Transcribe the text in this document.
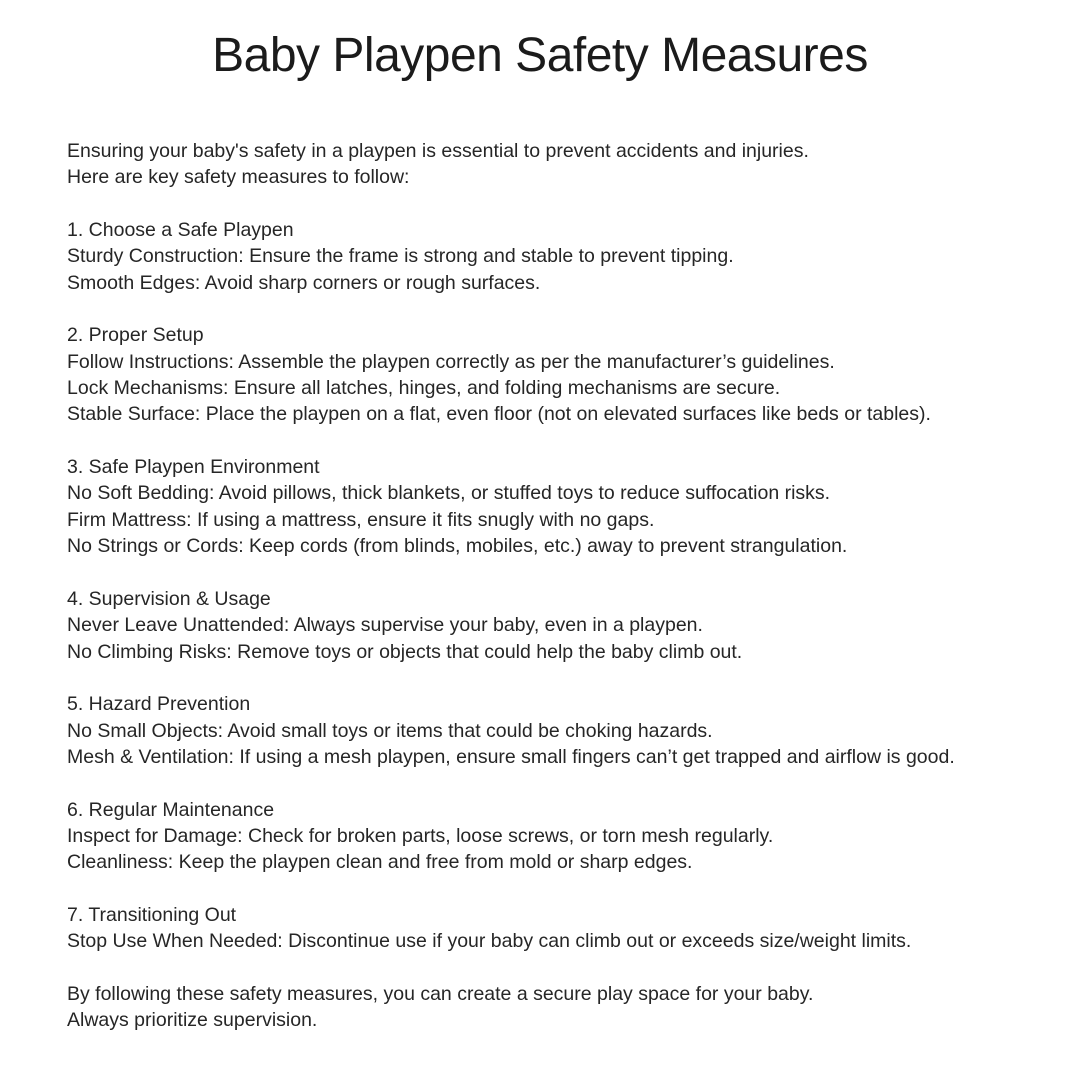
Baby Playpen Safety Measures
Ensuring your baby's safety in a playpen is essential to prevent accidents and injuries.
Here are key safety measures to follow:
1. Choose a Safe Playpen
Sturdy Construction: Ensure the frame is strong and stable to prevent tipping.
Smooth Edges: Avoid sharp corners or rough surfaces.
2. Proper Setup
Follow Instructions: Assemble the playpen correctly as per the manufacturer’s guidelines.
Lock Mechanisms: Ensure all latches, hinges, and folding mechanisms are secure.
Stable Surface: Place the playpen on a flat, even floor (not on elevated surfaces like beds or tables).
3. Safe Playpen Environment
No Soft Bedding: Avoid pillows, thick blankets, or stuffed toys to reduce suffocation risks.
Firm Mattress: If using a mattress, ensure it fits snugly with no gaps.
No Strings or Cords: Keep cords (from blinds, mobiles, etc.) away to prevent strangulation.
4. Supervision & Usage
Never Leave Unattended: Always supervise your baby, even in a playpen.
No Climbing Risks: Remove toys or objects that could help the baby climb out.
5. Hazard Prevention
No Small Objects: Avoid small toys or items that could be choking hazards.
Mesh & Ventilation: If using a mesh playpen, ensure small fingers can’t get trapped and airflow is good.
6. Regular Maintenance
Inspect for Damage: Check for broken parts, loose screws, or torn mesh regularly.
Cleanliness: Keep the playpen clean and free from mold or sharp edges.
7. Transitioning Out
Stop Use When Needed: Discontinue use if your baby can climb out or exceeds size/weight limits.
By following these safety measures, you can create a secure play space for your baby.
Always prioritize supervision.
